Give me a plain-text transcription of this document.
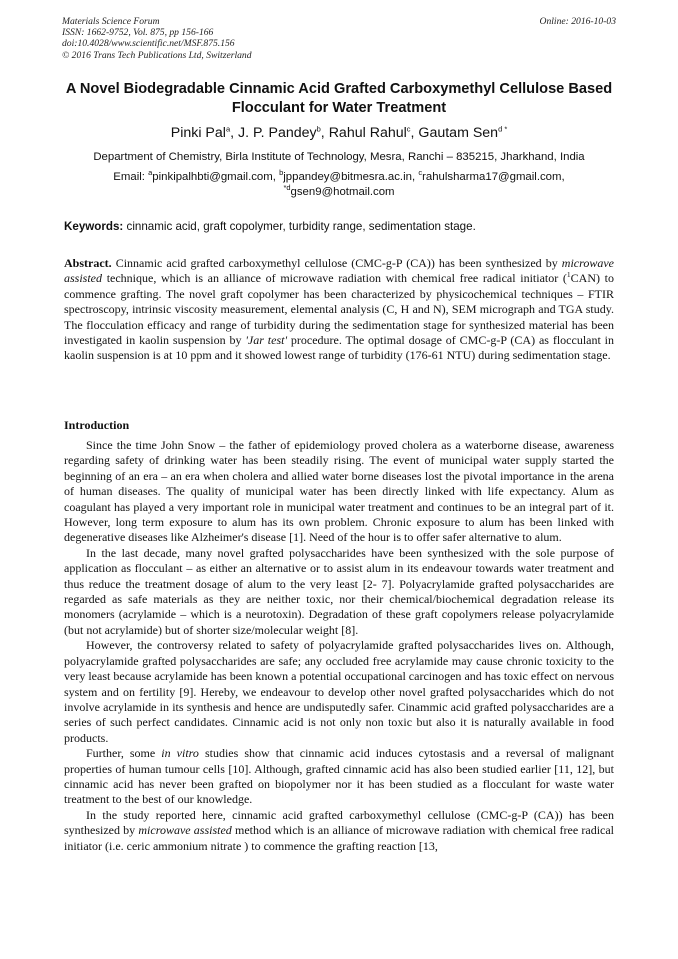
Materials Science Forum
ISSN: 1662-9752, Vol. 875, pp 156-166
doi:10.4028/www.scientific.net/MSF.875.156
© 2016 Trans Tech Publications Ltd, Switzerland
Online: 2016-10-03
A Novel Biodegradable Cinnamic Acid Grafted Carboxymethyl Cellulose Based Flocculant for Water Treatment
Pinki Pal$^a$, J. P. Pandey$^b$, Rahul Rahul$^c$, Gautam Sen$^{d *}$
Department of Chemistry, Birla Institute of Technology, Mesra, Ranchi – 835215, Jharkhand, India
Email: $^a$pinkipalhbti@gmail.com, $^b$jppandey@bitmesra.ac.in, $^c$rahulsharma17@gmail.com,
$^{*d}$gsen9@hotmail.com
Keywords: cinnamic acid, graft copolymer, turbidity range, sedimentation stage.
Abstract. Cinnamic acid grafted carboxymethyl cellulose (CMC-g-P (CA)) has been synthesized by microwave assisted technique, which is an alliance of microwave radiation with chemical free radical initiator ($^1$CAN) to commence grafting. The novel graft copolymer has been characterized by physicochemical techniques – FTIR spectroscopy, intrinsic viscosity measurement, elemental analysis (C, H and N), SEM micrograph and TGA study. The flocculation efficacy and range of turbidity during the sedimentation stage for synthesized material has been investigated in kaolin suspension by 'Jar test' procedure. The optimal dosage of CMC-g-P (CA) as flocculant in kaolin suspension is at 10 ppm and it showed lowest range of turbidity (176-61 NTU) during sedimentation stage.
Introduction

Since the time John Snow – the father of epidemiology proved cholera as a waterborne disease, awareness regarding safety of drinking water has been steadily rising. The event of municipal water supply started the beginning of an era – an era when cholera and allied water borne diseases lost the pivotal importance in the arena of human diseases. The quality of municipal water has been directly linked with life expectancy. Alum as coagulant has played a very important role in municipal water treatment and continues to be an integral part of it. However, long term exposure to alum has its own problem. Chronic exposure to alum has been linked with degenerative diseases like Alzheimer's disease [1]. Need of the hour is to offer safer alternative to alum.

In the last decade, many novel grafted polysaccharides have been synthesized with the sole purpose of application as flocculant – as either an alternative or to assist alum in its endeavour towards water treatment and thus reduce the treatment dosage of alum to the very least [2- 7]. Polyacrylamide grafted polysaccharides are regarded as safe materials as they are neither toxic, nor their chemical/biochemical degradation release its monomers (acrylamide – which is a neurotoxin). Degradation of these graft copolymers release polyacrylamide (but not acrylamide) but of shorter size/molecular weight [8].

However, the controversy related to safety of polyacrylamide grafted polysaccharides lives on. Although, polyacrylamide grafted polysaccharides are safe; any occluded free acrylamide may cause chronic toxicity to the very least because acrylamide has been known a potential occupational carcinogen and has toxic effect on nervous system and on fertility [9]. Hereby, we endeavour to develop other novel grafted polysaccharides which do not involve acrylamide in its synthesis and hence are undisputedly safer. Cinammic acid grafted polysaccharides are a series of such perfect candidates. Cinnamic acid is not only non toxic but also it is naturally available in food products.

Further, some in vitro studies show that cinnamic acid induces cytostasis and a reversal of malignant properties of human tumour cells [10]. Although, grafted cinnamic acid has also been studied earlier [11, 12], but cinnamic acid has never been grafted on biopolymer nor it has been studied as a flocculant for waste water treatment to the best of our knowledge.

In the study reported here, cinnamic acid grafted carboxymethyl cellulose (CMC-g-P (CA)) has been synthesized by microwave assisted method which is an alliance of microwave radiation with chemical free radical initiator (i.e. ceric ammonium nitrate ) to commence the grafting reaction [13,
